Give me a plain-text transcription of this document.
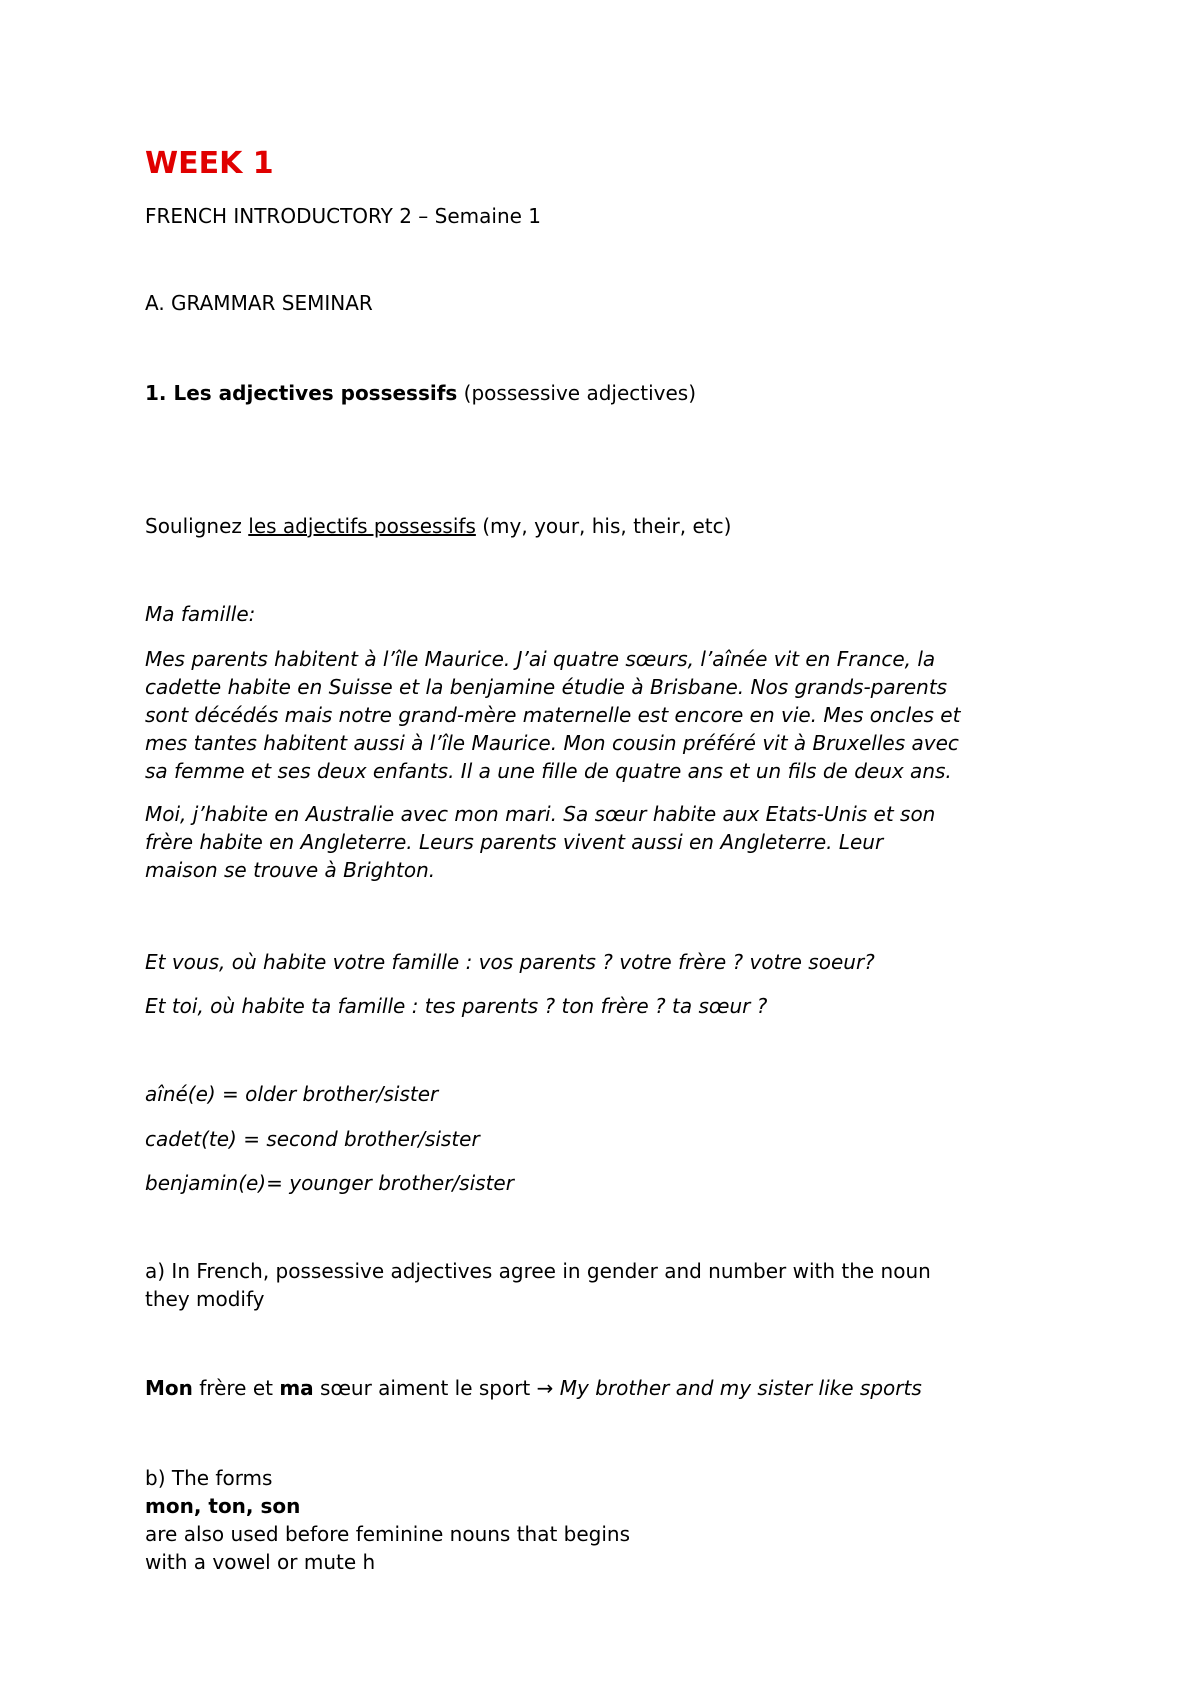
WEEK 1

FRENCH INTRODUCTORY 2 – Semaine 1

A. GRAMMAR SEMINAR

1. Les adjectives possessifs (possessive adjectives)

Soulignez les adjectifs possessifs (my, your, his, their, etc)

Ma famille:

Mes parents habitent à l’île Maurice. J’ai quatre sœurs, l’aînée vit en France, la
cadette habite en Suisse et la benjamine étudie à Brisbane. Nos grands-parents
sont décédés mais notre grand-mère maternelle est encore en vie. Mes oncles et
mes tantes habitent aussi à l’île Maurice. Mon cousin préféré vit à Bruxelles avec
sa femme et ses deux enfants. Il a une fille de quatre ans et un fils de deux ans.

Moi, j’habite en Australie avec mon mari. Sa sœur habite aux Etats-Unis et son
frère habite en Angleterre. Leurs parents vivent aussi en Angleterre. Leur
maison se trouve à Brighton.

Et vous, où habite votre famille : vos parents ? votre frère ? votre soeur?

Et toi, où habite ta famille : tes parents ? ton frère ? ta sœur ?

aîné(e) = older brother/sister

cadet(te) = second brother/sister

benjamin(e)= younger brother/sister

a) In French, possessive adjectives agree in gender and number with the noun
they modify

Mon frère et ma sœur aiment le sport → My brother and my sister like sports

b) The forms
mon, ton, son
are also used before feminine nouns that begins
with a vowel or mute h
